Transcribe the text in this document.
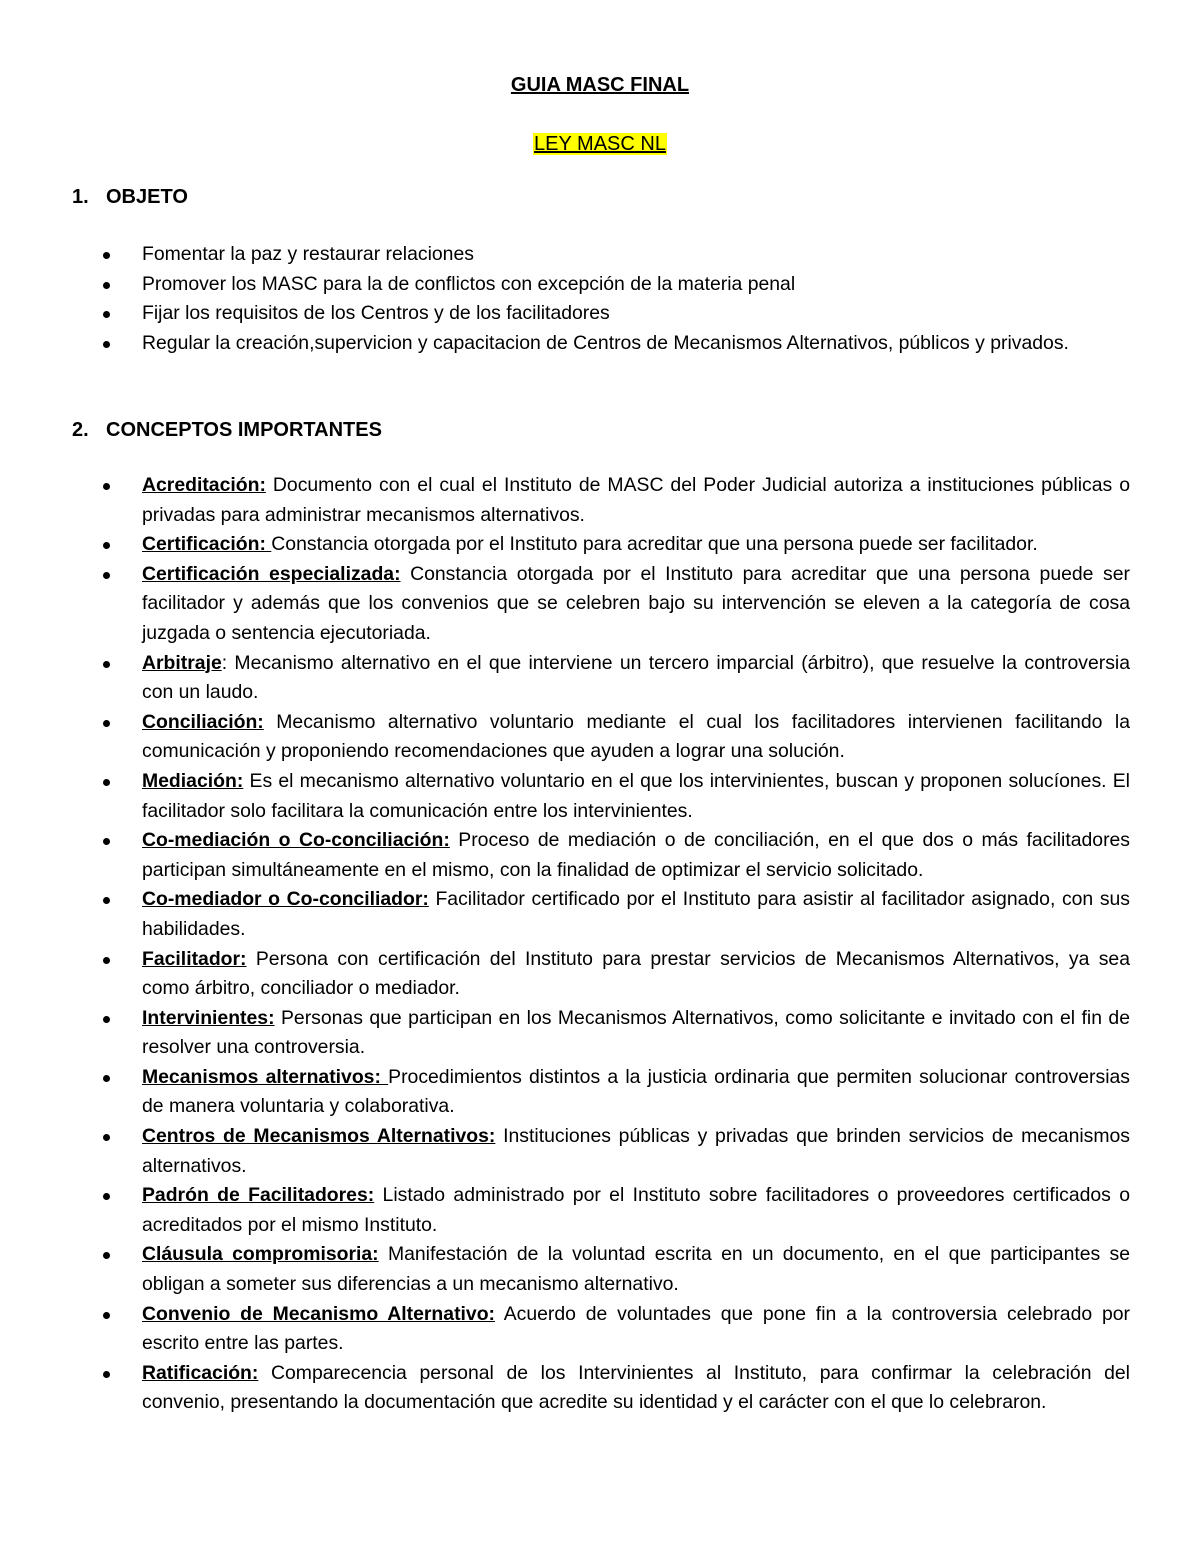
GUIA MASC FINAL
LEY MASC NL
1. OBJETO
Fomentar la paz y restaurar relaciones
Promover los MASC para la de conflictos con excepción de la materia penal
Fijar los requisitos de los Centros y de los facilitadores
Regular la creación,supervicion y capacitacion de Centros de Mecanismos Alternativos, públicos y privados.
2. CONCEPTOS IMPORTANTES
Acreditación: Documento con el cual el Instituto de MASC del Poder Judicial autoriza a instituciones públicas o privadas para administrar mecanismos alternativos.
Certificación: Constancia otorgada por el Instituto para acreditar que una persona puede ser facilitador.
Certificación especializada: Constancia otorgada por el Instituto para acreditar que una persona puede ser facilitador y además que los convenios que se celebren bajo su intervención se eleven a la categoría de cosa juzgada o sentencia ejecutoriada.
Arbitraje: Mecanismo alternativo en el que interviene un tercero imparcial (árbitro), que resuelve la controversia con un laudo.
Conciliación: Mecanismo alternativo voluntario mediante el cual los facilitadores intervienen facilitando la comunicación y proponiendo recomendaciones que ayuden a lograr una solución.
Mediación: Es el mecanismo alternativo voluntario en el que los intervinientes, buscan y proponen solucíones. El facilitador solo facilitara la comunicación entre los intervinientes.
Co-mediación o Co-conciliación: Proceso de mediación o de conciliación, en el que dos o más facilitadores participan simultáneamente en el mismo, con la finalidad de optimizar el servicio solicitado.
Co-mediador o Co-conciliador: Facilitador certificado por el Instituto para asistir al facilitador asignado, con sus habilidades.
Facilitador: Persona con certificación del Instituto para prestar servicios de Mecanismos Alternativos, ya sea como árbitro, conciliador o mediador.
Intervinientes: Personas que participan en los Mecanismos Alternativos, como solicitante e invitado con el fin de resolver una controversia.
Mecanismos alternativos: Procedimientos distintos a la justicia ordinaria que permiten solucionar controversias de manera voluntaria y colaborativa.
Centros de Mecanismos Alternativos: Instituciones públicas y privadas que brinden servicios de mecanismos alternativos.
Padrón de Facilitadores: Listado administrado por el Instituto sobre facilitadores o proveedores certificados o acreditados por el mismo Instituto.
Cláusula compromisoria: Manifestación de la voluntad escrita en un documento, en el que participantes se obligan a someter sus diferencias a un mecanismo alternativo.
Convenio de Mecanismo Alternativo: Acuerdo de voluntades que pone fin a la controversia celebrado por escrito entre las partes.
Ratificación: Comparecencia personal de los Intervinientes al Instituto, para confirmar la celebración del convenio, presentando la documentación que acredite su identidad y el carácter con el que lo celebraron.
